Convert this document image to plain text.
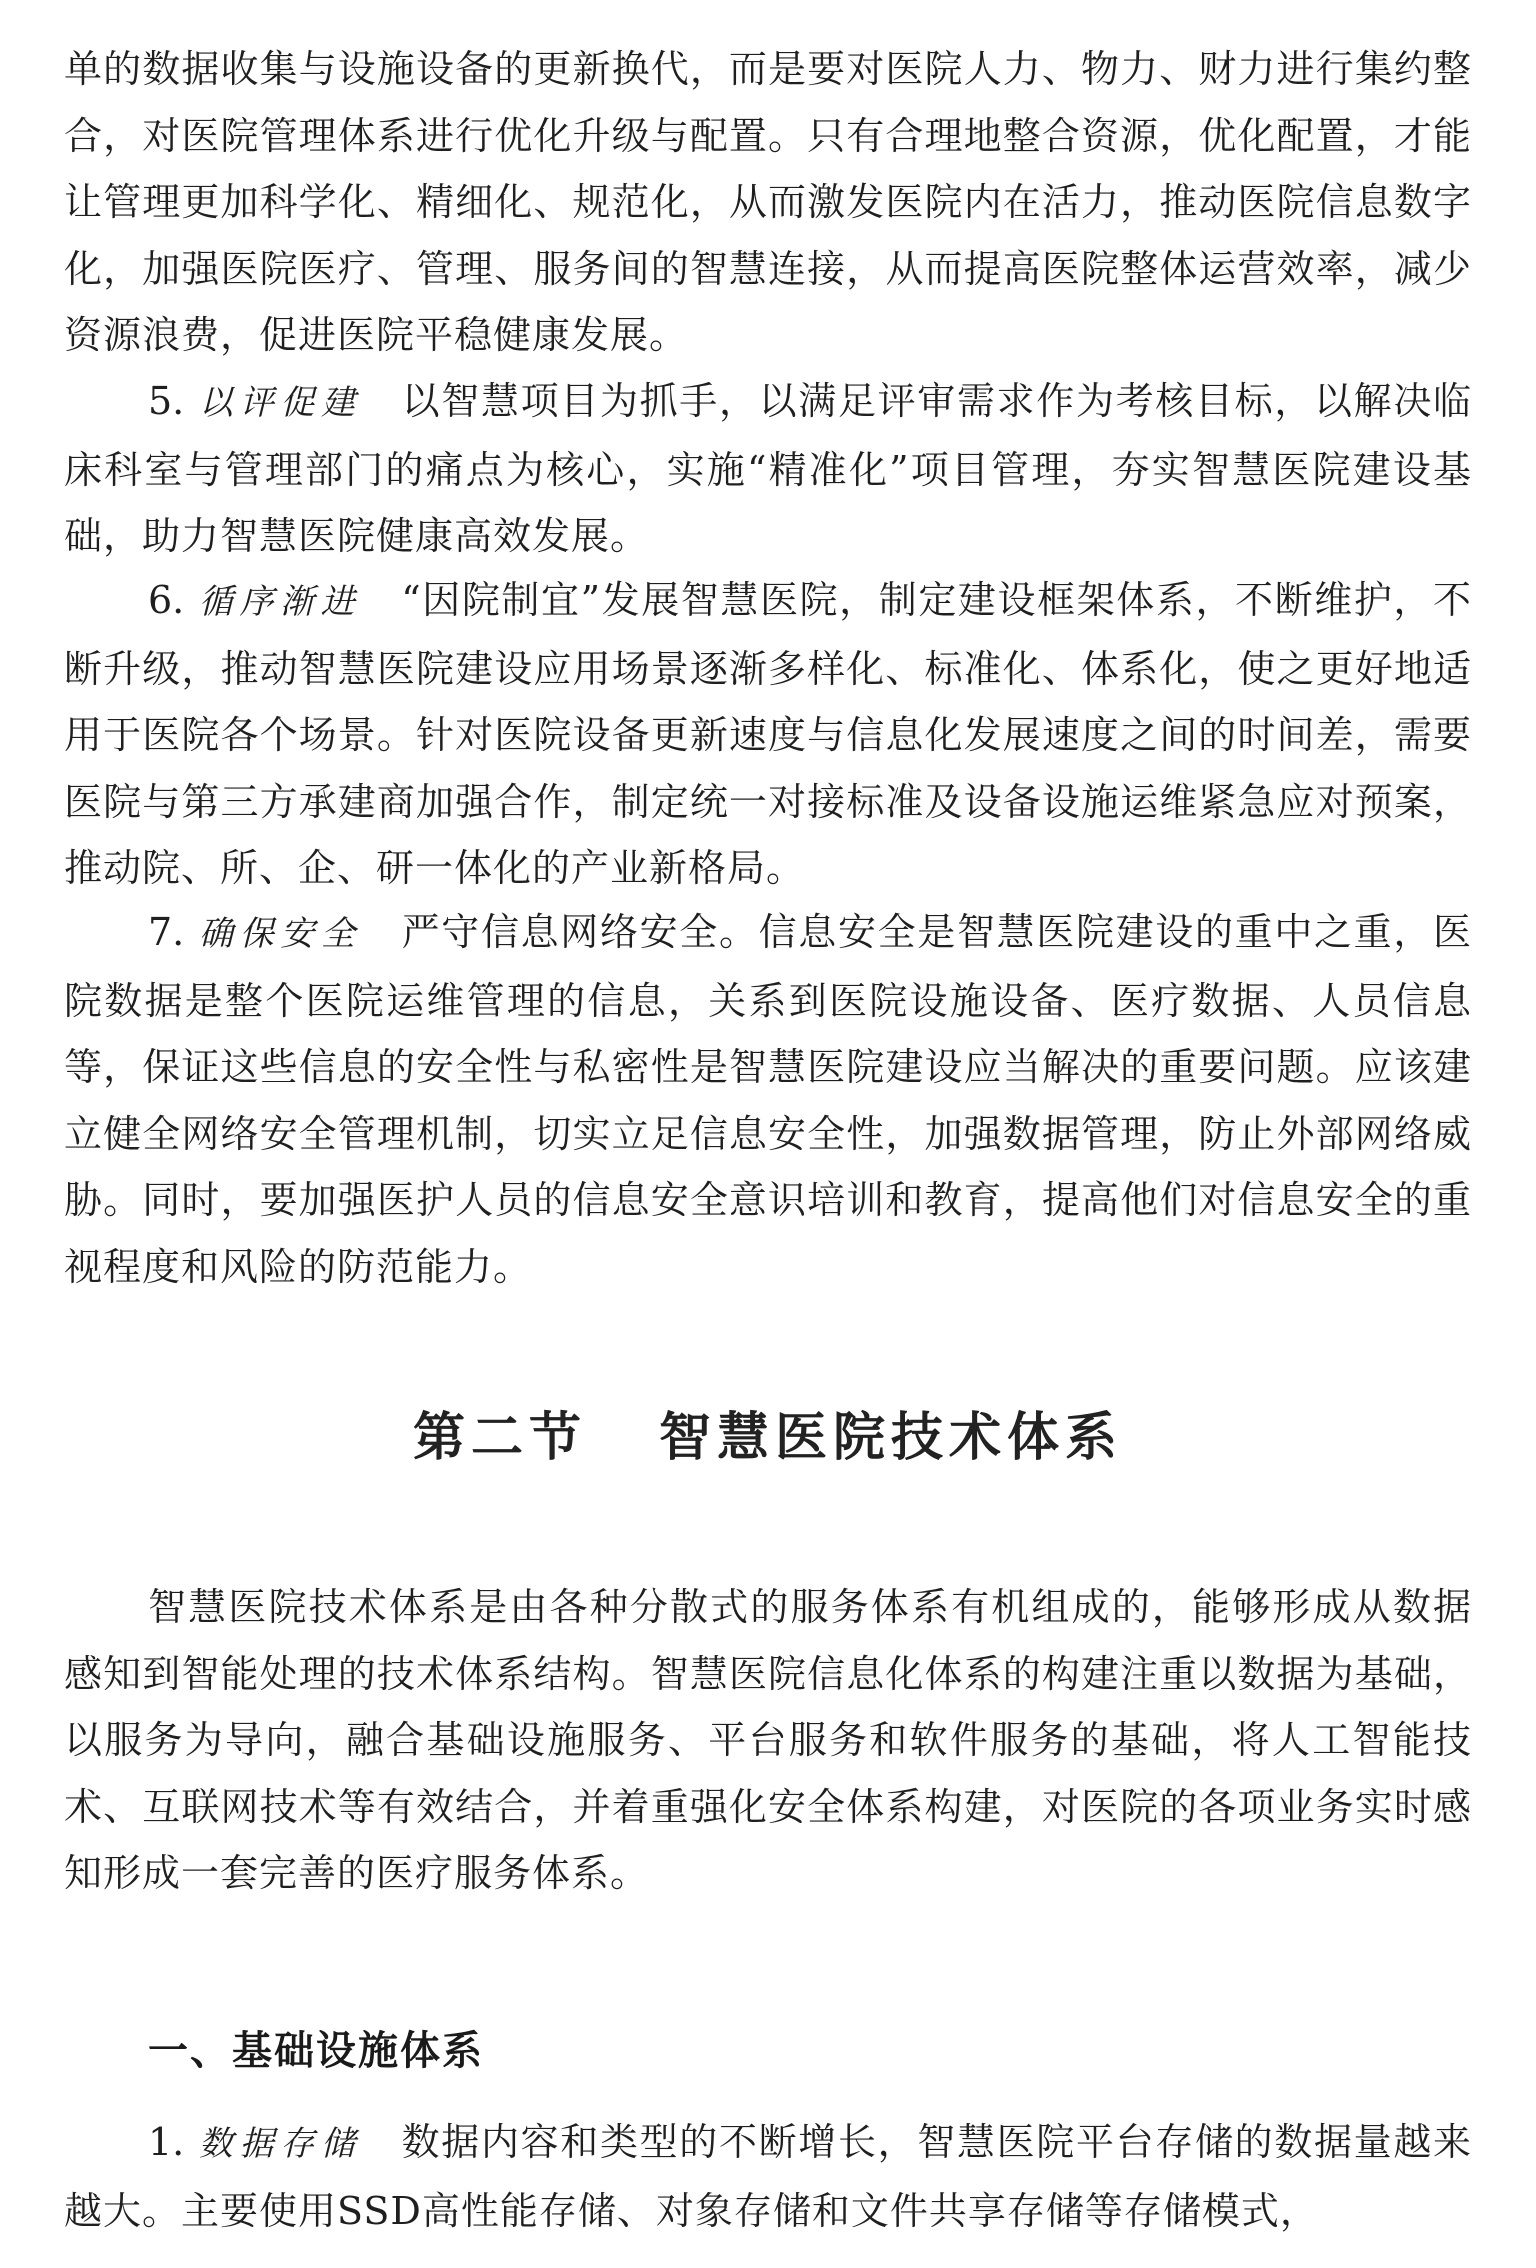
单的数据收集与设施设备的更新换代，而是要对医院人力、物力、财力进行集约整合，对医院管理体系进行优化升级与配置。只有合理地整合资源，优化配置，才能让管理更加科学化、精细化、规范化，从而激发医院内在活力，推动医院信息数字化，加强医院医疗、管理、服务间的智慧连接，从而提高医院整体运营效率，减少资源浪费，促进医院平稳健康发展。

5. 以评促建 以智慧项目为抓手，以满足评审需求作为考核目标，以解决临床科室与管理部门的痛点为核心，实施“精准化”项目管理，夯实智慧医院建设基础，助力智慧医院健康高效发展。

6. 循序渐进 “因院制宜”发展智慧医院，制定建设框架体系，不断维护，不断升级，推动智慧医院建设应用场景逐渐多样化、标准化、体系化，使之更好地适用于医院各个场景。针对医院设备更新速度与信息化发展速度之间的时间差，需要医院与第三方承建商加强合作，制定统一对接标准及设备设施运维紧急应对预案，推动院、所、企、研一体化的产业新格局。

7. 确保安全 严守信息网络安全。信息安全是智慧医院建设的重中之重，医院数据是整个医院运维管理的信息，关系到医院设施设备、医疗数据、人员信息等，保证这些信息的安全性与私密性是智慧医院建设应当解决的重要问题。应该建立健全网络安全管理机制，切实立足信息安全性，加强数据管理，防止外部网络威胁。同时，要加强医护人员的信息安全意识培训和教育，提高他们对信息安全的重视程度和风险的防范能力。

第二节 智慧医院技术体系

智慧医院技术体系是由各种分散式的服务体系有机组成的，能够形成从数据感知到智能处理的技术体系结构。智慧医院信息化体系的构建注重以数据为基础，以服务为导向，融合基础设施服务、平台服务和软件服务的基础，将人工智能技术、互联网技术等有效结合，并着重强化安全体系构建，对医院的各项业务实时感知形成一套完善的医疗服务体系。

一、基础设施体系

1. 数据存储 数据内容和类型的不断增长，智慧医院平台存储的数据量越来越大。主要使用SSD高性能存储、对象存储和文件共享存储等存储模式，
